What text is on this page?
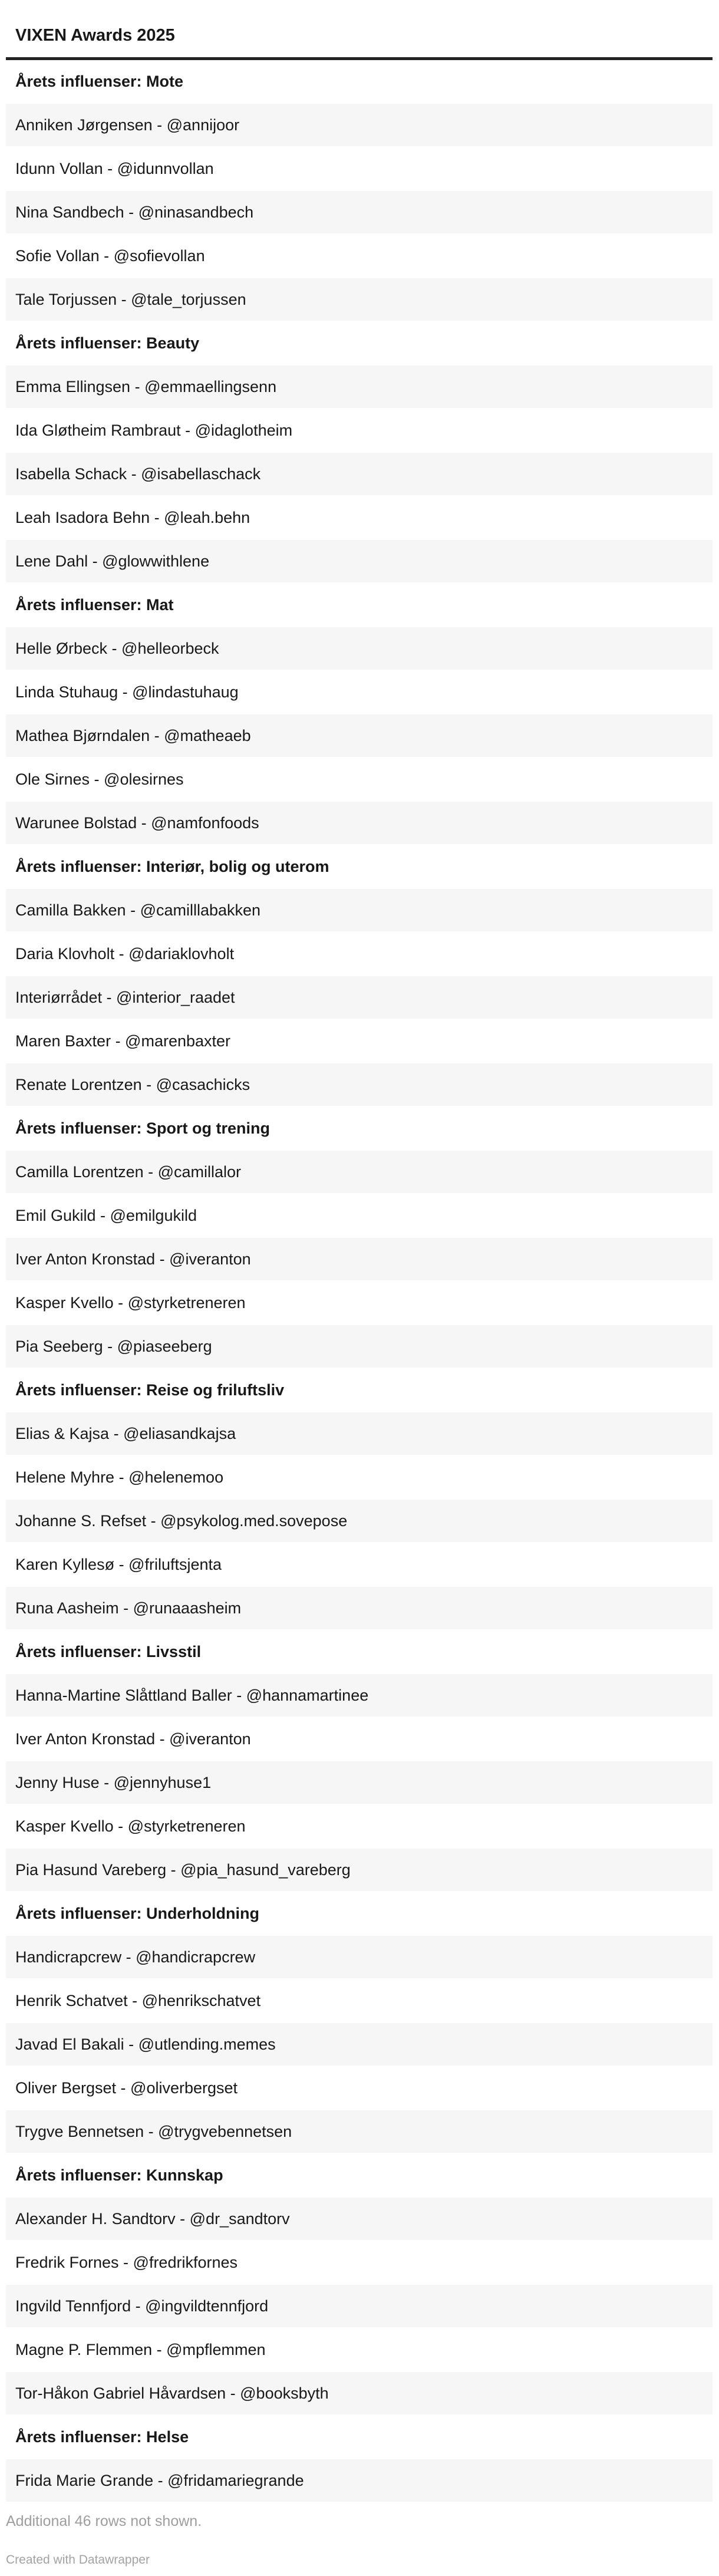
VIXEN Awards 2025
Årets influenser: Mote
Anniken Jørgensen - @annijoor
Idunn Vollan - @idunnvollan
Nina Sandbech - @ninasandbech
Sofie Vollan - @sofievollan
Tale Torjussen - @tale_torjussen
Årets influenser: Beauty
Emma Ellingsen - @emmaellingsenn
Ida Gløtheim Rambraut - @idaglotheim
Isabella Schack - @isabellaschack
Leah Isadora Behn - @leah.behn
Lene Dahl - @glowwithlene
Årets influenser: Mat
Helle Ørbeck - @helleorbeck
Linda Stuhaug - @lindastuhaug
Mathea Bjørndalen - @matheaeb
Ole Sirnes - @olesirnes
Warunee Bolstad - @namfonfoods
Årets influenser: Interiør, bolig og uterom
Camilla Bakken - @camilllabakken
Daria Klovholt - @dariaklovholt
Interiørrådet - @interior_raadet
Maren Baxter - @marenbaxter
Renate Lorentzen - @casachicks
Årets influenser: Sport og trening
Camilla Lorentzen - @camillalor
Emil Gukild - @emilgukild
Iver Anton Kronstad - @iveranton
Kasper Kvello - @styrketreneren
Pia Seeberg - @piaseeberg
Årets influenser: Reise og friluftsliv
Elias & Kajsa - @eliasandkajsa
Helene Myhre - @helenemoo
Johanne S. Refset - @psykolog.med.sovepose
Karen Kyllesø - @friluftsjenta
Runa Aasheim - @runaaasheim
Årets influenser: Livsstil
Hanna-Martine Slåttland Baller - @hannamartinee
Iver Anton Kronstad - @iveranton
Jenny Huse - @jennyhuse1
Kasper Kvello - @styrketreneren
Pia Hasund Vareberg - @pia_hasund_vareberg
Årets influenser: Underholdning
Handicrapcrew - @handicrapcrew
Henrik Schatvet - @henrikschatvet
Javad El Bakali - @utlending.memes
Oliver Bergset - @oliverbergset
Trygve Bennetsen - @trygvebennetsen
Årets influenser: Kunnskap
Alexander H. Sandtorv - @dr_sandtorv
Fredrik Fornes - @fredrikfornes
Ingvild Tennfjord - @ingvildtennfjord
Magne P. Flemmen - @mpflemmen
Tor-Håkon Gabriel Håvardsen - @booksbyth
Årets influenser: Helse
Frida Marie Grande - @fridamariegrande
Additional 46 rows not shown.
Created with Datawrapper
